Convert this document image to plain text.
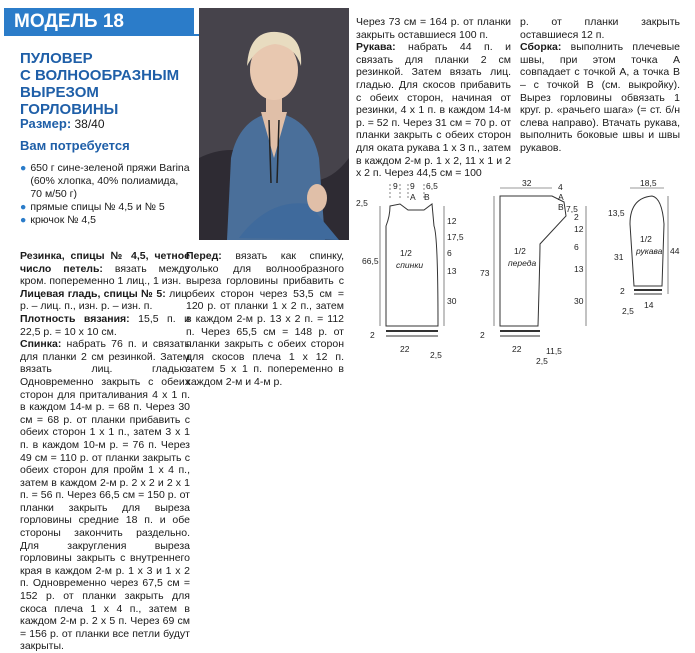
МОДЕЛЬ 18
ПУЛОВЕР
С ВОЛНООБРАЗНЫМ
ВЫРЕЗОМ ГОРЛОВИНЫ
Размер: 38/40
Вам потребуется
● 650 г сине-зеленой пряжи Barina (60% хлопка, 40% полиамида, 70 м/50 г)
● прямые спицы № 4,5 и № 5
● крючок № 4,5
Резинка, спицы № 4,5, четное число петель: вязать между кром. попеременно 1 лиц., 1 изн.
Лицевая гладь, спицы № 5: лиц. р. – лиц. п., изн. р. – изн. п.
Плотность вязания: 15,5 п. и 22,5 р. = 10 х 10 см.
Спинка: набрать 76 п. и связать для планки 2 см резинкой. Затем вязать лиц. гладью. Одновременно закрыть с обеих сторон для приталивания 4 х 1 п. в каждом 14-м р. = 68 п. Через 30 см = 68 р. от планки прибавить с обеих сторон 1 х 1 п., затем 3 х 1 п. в каждом 10-м р. = 76 п. Через 49 см = 110 р. от планки закрыть с обеих сторон для пройм 1 х 4 п., затем в каждом 2-м р. 2 х 2 и 2 х 1 п. = 56 п. Через 66,5 см = 150 р. от планки закрыть для выреза горловины средние 18 п. и обе стороны закончить раздельно. Для закругления выреза горловины закрыть с внутреннего края в каждом 2-м р. 1 х 3 и 1 х 2 п. Одновременно через 67,5 см = 152 р. от планки закрыть для скоса плеча 1 х 4 п., затем в каждом 2-м р. 2 х 5 п. Через 69 см = 156 р. от планки все петли будут закрыты.
Перед: вязать как спинку, только для волнообразного выреза горловины прибавить с обеих сторон через 53,5 см = 120 р. от планки 1 х 2 п., затем в каждом 2-м р. 13 х 2 п. = 112 п. Через 65,5 см = 148 р. от планки закрыть с обеих сторон для скосов плеча 1 х 12 п. затем 5 х 1 п. попеременно в каждом 2-м и 4-м р.
Через 73 см = 164 р. от планки закрыть оставшиеся 100 п.
Рукава: набрать 44 п. и связать для планки 2 см резинкой. Затем вязать лиц. гладью. Для скосов прибавить с обеих сторон, начиная от резинки, 4 х 1 п. в каждом 14-м р. = 52 п. Через 31 см = 70 р. от планки закрыть с обеих сторон для окатa рукава 1 х 3 п., затем в каждом 2-м р. 1 х 2, 11 х 1 и 2 х 2 п. Через 44,5 см = 100
р. от планки закрыть оставшиеся 12 п.
Сборка: выполнить плечевые швы, при этом точка А совпадает с точкой А, а точка В – с точкой В (см. выкройку). Вырез горловины обвязать 1 круг. р. «рачьего шага» (= ст. б/н слева направо). Втачать рукава, выполнить боковые швы и швы рукавов.
9 9 6,5
A B
2,5
66,5
1/2
спинки
12
17,5
6
13
30
2
22
2,5
32	4
7,5
A
B
73
1/2
переда
2
12
6
13
30
2
22	11,5
2,5
18,5
13,5
31
1/2
рукава 44
2
2,5
14
